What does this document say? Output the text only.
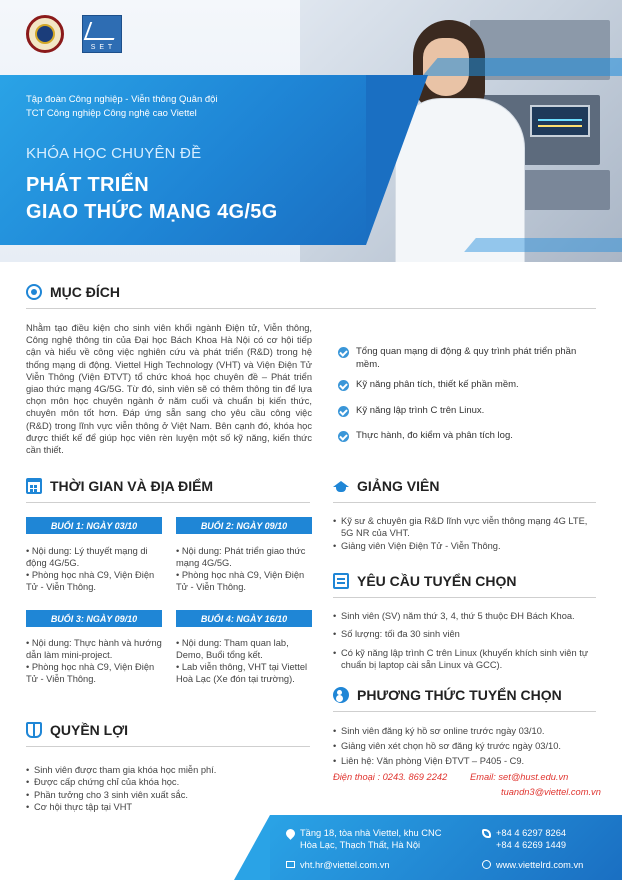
S E T
Tập đoàn Công nghiệp - Viễn thông Quân đội
TCT Công nghiệp Công nghệ cao Viettel
KHÓA HỌC CHUYÊN ĐỀ
PHÁT TRIỂN
GIAO THỨC MẠNG 4G/5G
MỤC ĐÍCH
Nhằm tạo điều kiện cho sinh viên khối ngành Điện tử, Viễn thông, Công nghệ thông tin của Đại học Bách Khoa Hà Nội có cơ hội tiếp cận và hiểu về công việc nghiên cứu và phát triển (R&D) trong hệ thống mạng di động. Viettel High Technology (VHT) và Viện Điện Tử Viễn Thông (Viện ĐTVT) tổ chức khoá học chuyên đề – Phát triển giao thức mạng 4G/5G. Từ đó, sinh viên sẽ có thêm thông tin để lựa chọn môn học chuyên ngành ở năm cuối và chuẩn bị kiến thức, chuyên môn tốt hơn. Đáp ứng sẵn sang cho yêu cầu công việc (R&D) trong lĩnh vực viễn thông ở Việt Nam. Bên cạnh đó, khóa học được thiết kế để giúp học viên rèn luyện một số kỹ năng, kiến thức cần thiết.
Tổng quan mạng di động & quy trình phát triển phần mềm.
Kỹ năng phân tích, thiết kế phần mềm.
Kỹ năng lập trình C trên Linux.
Thực hành, đo kiểm và phân tích log.
THỜI GIAN VÀ ĐỊA ĐIỂM
BUỔI 1: NGÀY 03/10

• Nội dung: Lý thuyết mạng di động 4G/5G.

• Phòng học nhà C9, Viện Điện Tử - Viễn Thông.

BUỔI 2: NGÀY 09/10

• Nội dung: Phát triển giao thức mạng 4G/5G.

• Phòng học nhà C9, Viện Điện Tử - Viễn Thông.

BUỔI 3: NGÀY 09/10

• Nội dung: Thực hành và hướng dẫn làm mini-project.

• Phòng học nhà C9, Viện Điện Tử - Viễn Thông.

BUỔI 4: NGÀY 16/10

• Nội dung: Tham quan lab, Demo, Buổi tổng kết.

• Lab viễn thông, VHT tại Viettel Hoà Lạc (Xe đón tại trường).

QUYỀN LỢI
• Sinh viên được tham gia khóa học miễn phí.
• Được cấp chứng chỉ của khóa học.
• Phần tưởng cho 3 sinh viên xuất sắc.
• Cơ hội thực tập tại VHT
GIẢNG VIÊN
• Kỹ sư & chuyên gia R&D lĩnh vực viễn thông mạng 4G LTE, 5G NR của VHT.
• Giảng viên Viện Điện Tử - Viễn Thông.
YÊU CẦU TUYỂN CHỌN
• Sinh viên (SV) năm thứ 3, 4, thứ 5 thuộc ĐH Bách Khoa.
• Số lượng: tối đa 30 sinh viên
• Có kỹ năng lập trình C trên Linux (khuyến khích sinh viên tự chuẩn bị laptop cài sẵn Linux và GCC).
PHƯƠNG THỨC TUYỂN CHỌN
• Sinh viên đăng ký hồ sơ online trước ngày 03/10.
• Giảng viên xét chọn hồ sơ đăng ký trước ngày 03/10.
• Liên hệ: Văn phòng Viện ĐTVT – P405 - C9.
Điện thoại : 0243. 869 2242 Email: set@hust.edu.vn
tuandn3@viettel.com.vn
Tầng 18, tòa nhà Viettel, khu CNC
Hòa Lạc, Thạch Thất, Hà Nội
+84 4 6297 8264
+84 4 6269 1449
vht.hr@viettel.com.vn	www.viettelrd.com.vn
